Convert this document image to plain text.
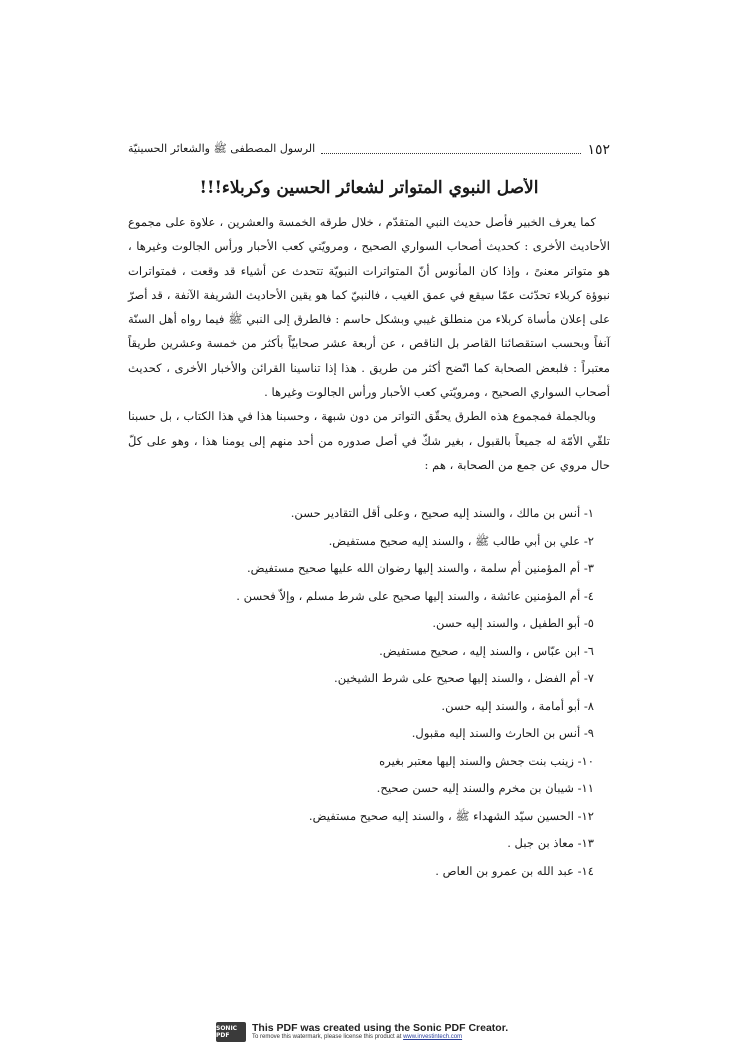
١٥٢
الرسول المصطفى ﷺ والشعائر الحسينيّة
الأصل النبوي المتواتر لشعائر الحسين وكربلاء!!!

كما يعرف الخبير فأصل حديث النبي المتقدّم ، خلال طرقه الخمسة والعشرين ، علاوة على مجموع الأحاديث الأخرى : كحديث أصحاب السواري الصحيح ، ومرويّتي كعب الأحبار ورأس الجالوت وغيرها ، هو متواتر معنىً ، وإذا كان المأنوس أنّ المتواترات النبويّة تتحدث عن أشياء قد وقعت ، فمتواترات نبوؤة كربلاء تحدّثت عمّا سيقع في عمق الغيب ، فالنبيّ كما هو يقين الأحاديث الشريفة الآنفة ، قد أصرّ على إعلان مأساة كربلاء من منطلق غيبي وبشكل حاسم : فالطرق إلى النبي ﷺ فيما رواه أهل السنّة آنفاً وبحسب استقصائنا القاصر بل الناقص ، عن أربعة عشر صحابيّاً بأكثر من خمسة وعشرين طريقاً معتبراً : فلبعض الصحابة كما اتّضح أكثر من طريق . هذا إذا تناسينا القرائن والأخبار الأخرى ، كحديث أصحاب السواري الصحيح ، ومرويّتي كعب الأحبار ورأس الجالوت وغيرها .

وبالجملة فمجموع هذه الطرق يحقّق التواتر من دون شبهة ، وحسبنا هذا في هذا الكتاب ، بل حسبنا تلقّي الأمّة له جميعاً بالقبول ، بغير شكّ في أصل صدوره من أحد منهم إلى يومنا هذا ، وهو على كلّ حال مروي عن جمع من الصحابة ، هم :

١- أنس بن مالك ، والسند إليه صحيح ، وعلى أقل التقادير حسن.
٢- علي بن أبي طالب ﷺ ، والسند إليه صحيح مستفيض.
٣- أم المؤمنين أم سلمة ، والسند إليها رضوان الله عليها صحيح مستفيض.
٤- أم المؤمنين عائشة ، والسند إليها صحيح على شرط مسلم ، وإلاّ فحسن .
٥- أبو الطفيل ، والسند إليه حسن.
٦- ابن عبّاس ، والسند إليه ، صحيح مستفيض.
٧- أم الفضل ، والسند إليها صحيح على شرط الشيخين.
٨- أبو أمامة ، والسند إليه حسن.
٩- أنس بن الحارث والسند إليه مقبول.
١٠- زينب بنت جحش والسند إليها معتبر بغيره
١١- شيبان بن مخرم والسند إليه حسن صحيح.
١٢- الحسين سيّد الشهداء ﷺ ، والسند إليه صحيح مستفيض.
١٣- معاذ بن جبل .
١٤- عبد الله بن عمرو بن العاص .
SONIC PDF
This PDF was created using the Sonic PDF Creator.
To remove this watermark, please license this product at www.investintech.com
